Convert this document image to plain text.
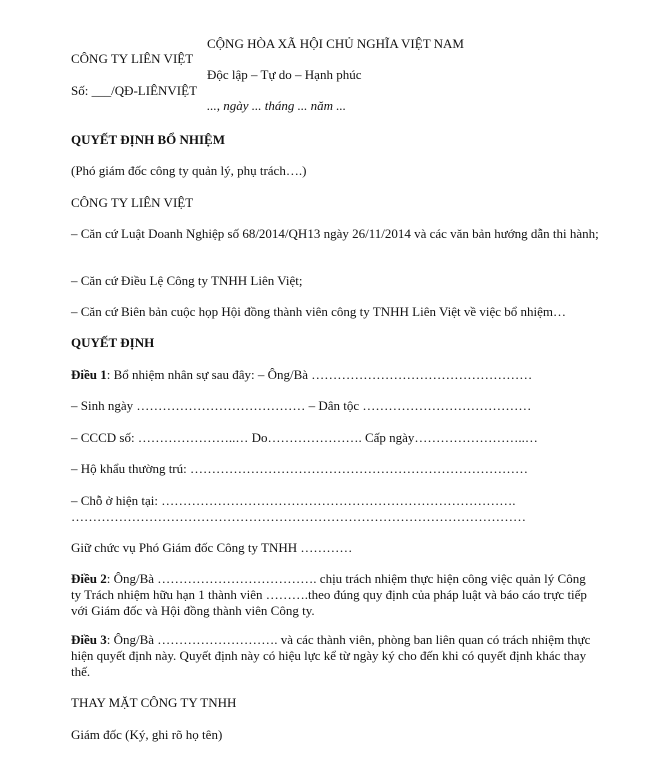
CỘNG HÒA XÃ HỘI CHỦ NGHĨA VIỆT NAM
CÔNG TY LIÊN VIỆT
Độc lập – Tự do – Hạnh phúc
Số: ___/QĐ-LIÊNVIỆT
..., ngày ... tháng ... năm ...
QUYẾT ĐỊNH BỔ NHIỆM
(Phó giám đốc công ty quản lý, phụ trách….)
CÔNG TY LIÊN VIỆT
– Căn cứ Luật Doanh Nghiệp số 68/2014/QH13 ngày 26/11/2014 và các văn bản hướng dẫn thi hành;
– Căn cứ Điều Lệ Công ty TNHH Liên Việt;
– Căn cứ Biên bản cuộc họp Hội đồng thành viên công ty TNHH Liên Việt về việc bổ nhiệm…
QUYẾT ĐỊNH
Điều 1: Bổ nhiệm nhân sự sau đây: – Ông/Bà ……………………………………………
– Sinh ngày ………………………………… – Dân tộc …………………………………
– CCCD số: …………………..… Do…………………. Cấp ngày……………………..…
– Hộ khẩu thường trú: ……………………………………………………………………
– Chỗ ở hiện tại: ……………………………………………………………………….
……………………………………………………………………………………………
Giữ chức vụ Phó Giám đốc Công ty TNHH …………
Điều 2: Ông/Bà ………………………………. chịu trách nhiệm thực hiện công việc quản lý Công ty Trách nhiệm hữu hạn 1 thành viên ……….theo đúng quy định của pháp luật và báo cáo trực tiếp với Giám đốc và Hội đồng thành viên Công ty.
Điều 3: Ông/Bà ………………………. và các thành viên, phòng ban liên quan có trách nhiệm thực hiện quyết định này. Quyết định này có hiệu lực kể từ ngày ký cho đến khi có quyết định khác thay thế.
THAY MẶT CÔNG TY TNHH
Giám đốc (Ký, ghi rõ họ tên)
